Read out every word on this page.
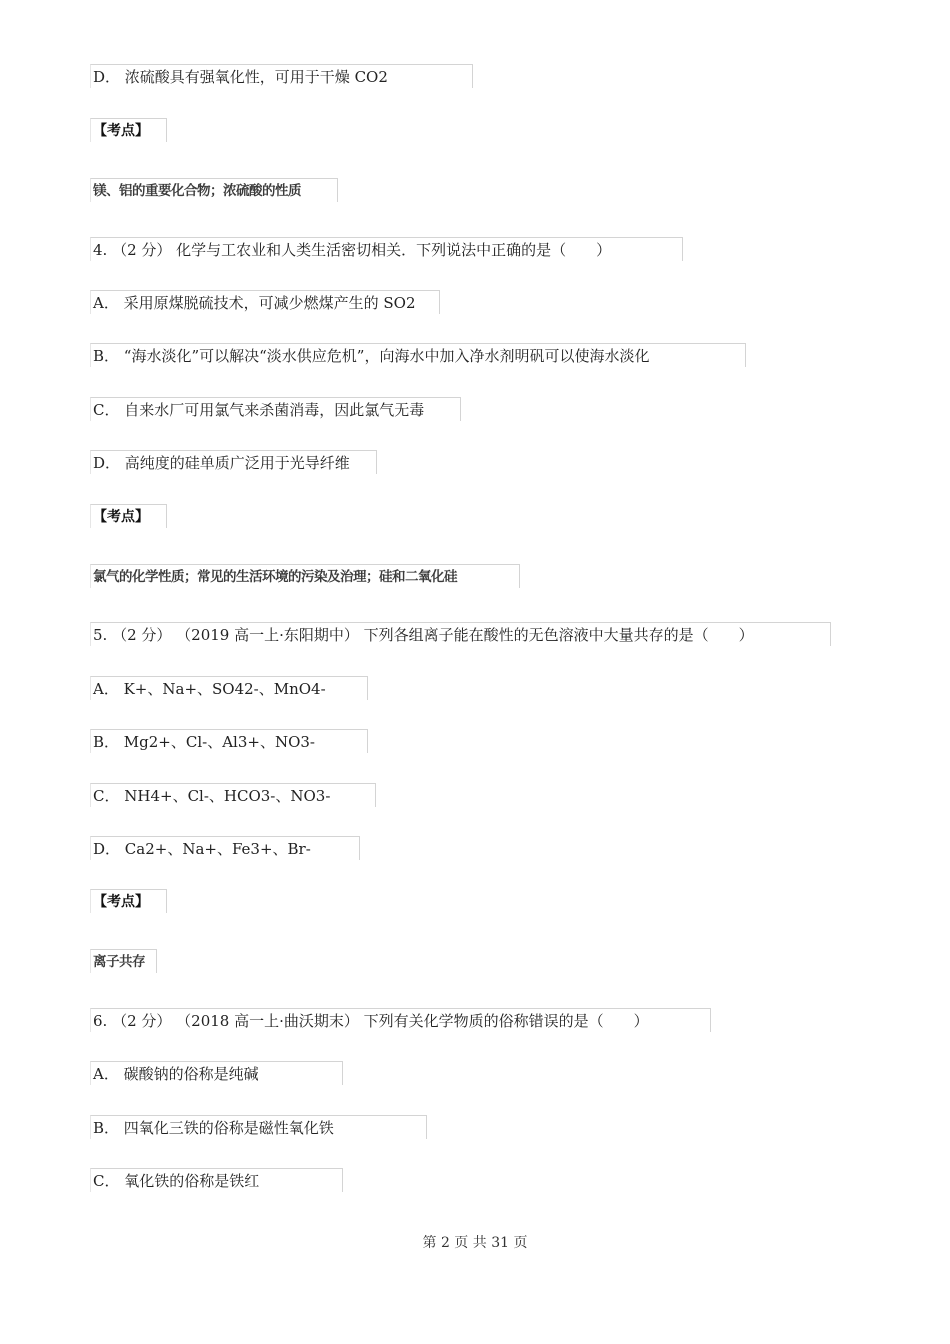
D． 浓硫酸具有强氧化性，可用于干燥 CO2
【考点】
镁、铝的重要化合物；浓硫酸的性质
4. （2 分） 化学与工农业和人类生活密切相关．下列说法中正确的是（　　）
A． 采用原煤脱硫技术，可减少燃煤产生的 SO2
B． “海水淡化”可以解决“淡水供应危机”，向海水中加入净水剂明矾可以使海水淡化
C． 自来水厂可用氯气来杀菌消毒，因此氯气无毒
D． 高纯度的硅单质广泛用于光导纤维
【考点】
氯气的化学性质；常见的生活环境的污染及治理；硅和二氧化硅
5. （2 分） （2019 高一上·东阳期中） 下列各组离子能在酸性的无色溶液中大量共存的是（　　）
A． K+、Na+、SO42-、MnO4-
B． Mg2+、Cl-、Al3+、NO3-
C． NH4+、Cl-、HCO3-、NO3-
D． Ca2+、Na+、Fe3+、Br-
【考点】
离子共存
6. （2 分） （2018 高一上·曲沃期末） 下列有关化学物质的俗称错误的是（　　）
A． 碳酸钠的俗称是纯碱
B． 四氧化三铁的俗称是磁性氧化铁
C． 氧化铁的俗称是铁红
第 2 页 共 31 页
